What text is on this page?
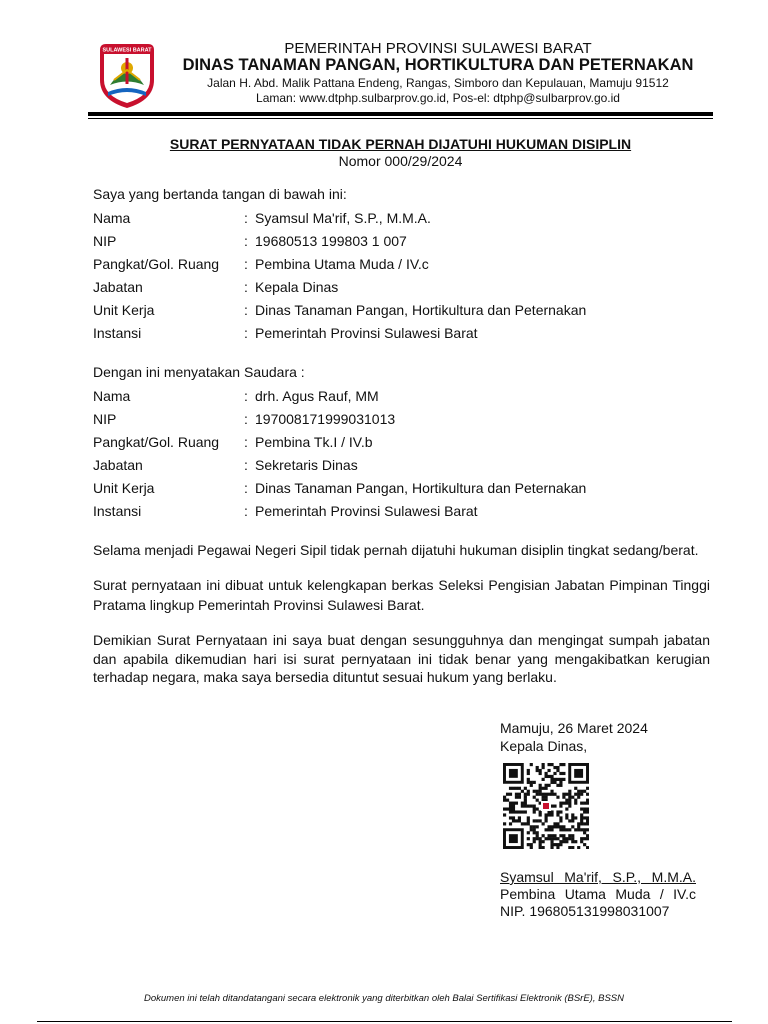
SULAWESI BARAT	PEMERINTAH PROVINSI SULAWESI BARAT
DINAS TANAMAN PANGAN, HORTIKULTURA DAN PETERNAKAN
Jalan H. Abd. Malik Pattana Endeng, Rangas, Simboro dan Kepulauan, Mamuju 91512
Laman: www.dtphp.sulbarprov.go.id, Pos-el: dtphp@sulbarprov.go.id
SURAT PERNYATAAN TIDAK PERNAH DIJATUHI HUKUMAN DISIPLIN
Nomor 000/29/2024
Saya yang bertanda tangan di bawah ini:
Nama	: Syamsul Ma'rif, S.P., M.M.A.
NIP	: 19680513 199803 1 007
Pangkat/Gol. Ruang : Pembina Utama Muda / IV.c
Jabatan	: Kepala Dinas
Unit Kerja	: Dinas Tanaman Pangan, Hortikultura dan Peternakan
Instansi	: Pemerintah Provinsi Sulawesi Barat
Dengan ini menyatakan Saudara :
Nama	: drh. Agus Rauf, MM
NIP	: 197008171999031013
Pangkat/Gol. Ruang : Pembina Tk.I / IV.b
Jabatan	: Sekretaris Dinas
Unit Kerja	: Dinas Tanaman Pangan, Hortikultura dan Peternakan
Instansi	: Pemerintah Provinsi Sulawesi Barat
Selama menjadi Pegawai Negeri Sipil tidak pernah dijatuhi hukuman disiplin tingkat sedang/berat.
Surat pernyataan ini dibuat untuk kelengkapan berkas Seleksi Pengisian Jabatan Pimpinan Tinggi
Pratama lingkup Pemerintah Provinsi Sulawesi Barat.
Demikian Surat Pernyataan ini saya buat dengan sesungguhnya dan mengingat sumpah jabatan
dan apabila dikemudian hari isi surat pernyataan ini tidak benar yang mengakibatkan kerugian
terhadap negara, maka saya bersedia dituntut sesuai hukum yang berlaku.
Mamuju, 26 Maret 2024
Kepala Dinas,
Syamsul Ma'rif, S.P., M.M.A.
Pembina Utama Muda / IV.c
NIP. 196805131998031007
Dokumen ini telah ditandatangani secara elektronik yang diterbitkan oleh Balai Sertifikasi Elektronik (BSrE), BSSN
